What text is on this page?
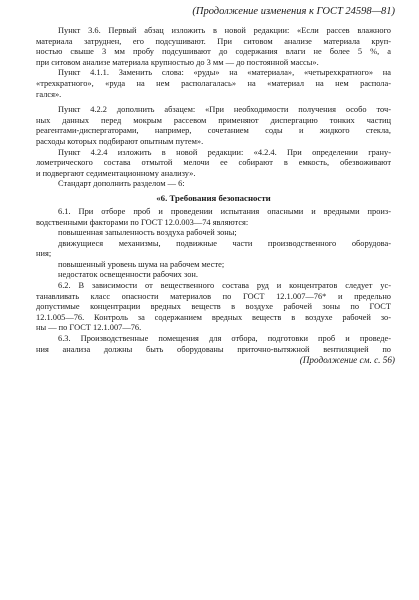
(Продолжение изменения к ГОСТ 24598—81)
Пункт 3.6. Первый абзац изложить в новой редакции: «Если рассев влажного
материала затруднен, его подсушивают. При ситовом анализе материала круп-
ностью свыше 3 мм пробу подсушивают до содержания влаги не более 5 %, а
при ситовом анализе материала крупностью до 3 мм — до постоянной массы».
Пункт 4.1.1. Заменить слова: «руды» на «материала», «четырехкратного» на
«трехкратного», «руда на нем располагалась» на «материал на нем распола-
гался».
Пункт 4.2.2 дополнить абзацем: «При необходимости получения особо точ-
ных данных перед мокрым рассевом применяют диспергацию тонких частиц
реагентами-диспергаторами, например, сочетанием соды и жидкого стекла,
расходы которых подбирают опытным путем».
Пункт 4.2.4 изложить в новой редакции: «4.2.4. При определении грану-
лометрического состава отмытой мелочи ее собирают в емкость, обезвоживают
и подвергают седиментационному анализу».
Стандарт дополнить разделом — 6:
«6. Требования безопасности
6.1. При отборе проб и проведении испытания опасными и вредными произ-
водственными факторами по ГОСТ 12.0.003—74 являются:
повышенная запыленность воздуха рабочей зоны;
движущиеся механизмы, подвижные части производственного оборудова-
ния;
повышенный уровень шума на рабочем месте;
недостаток освещенности рабочих зон.
6.2. В зависимости от вещественного состава руд и концентратов следует ус-
танавливать класс опасности материалов по ГОСТ 12.1.007—76* и предельно
допустимые концентрации вредных веществ в воздухе рабочей зоны по ГОСТ
12.1.005—76. Контроль за содержанием вредных веществ в воздухе рабочей зо-
ны — по ГОСТ 12.1.007—76.
6.3. Производственные помещения для отбора, подготовки проб и проведе-
ния анализа должны быть оборудованы приточно-вытяжной вентиляцией по
(Продолжение см. с. 56)
